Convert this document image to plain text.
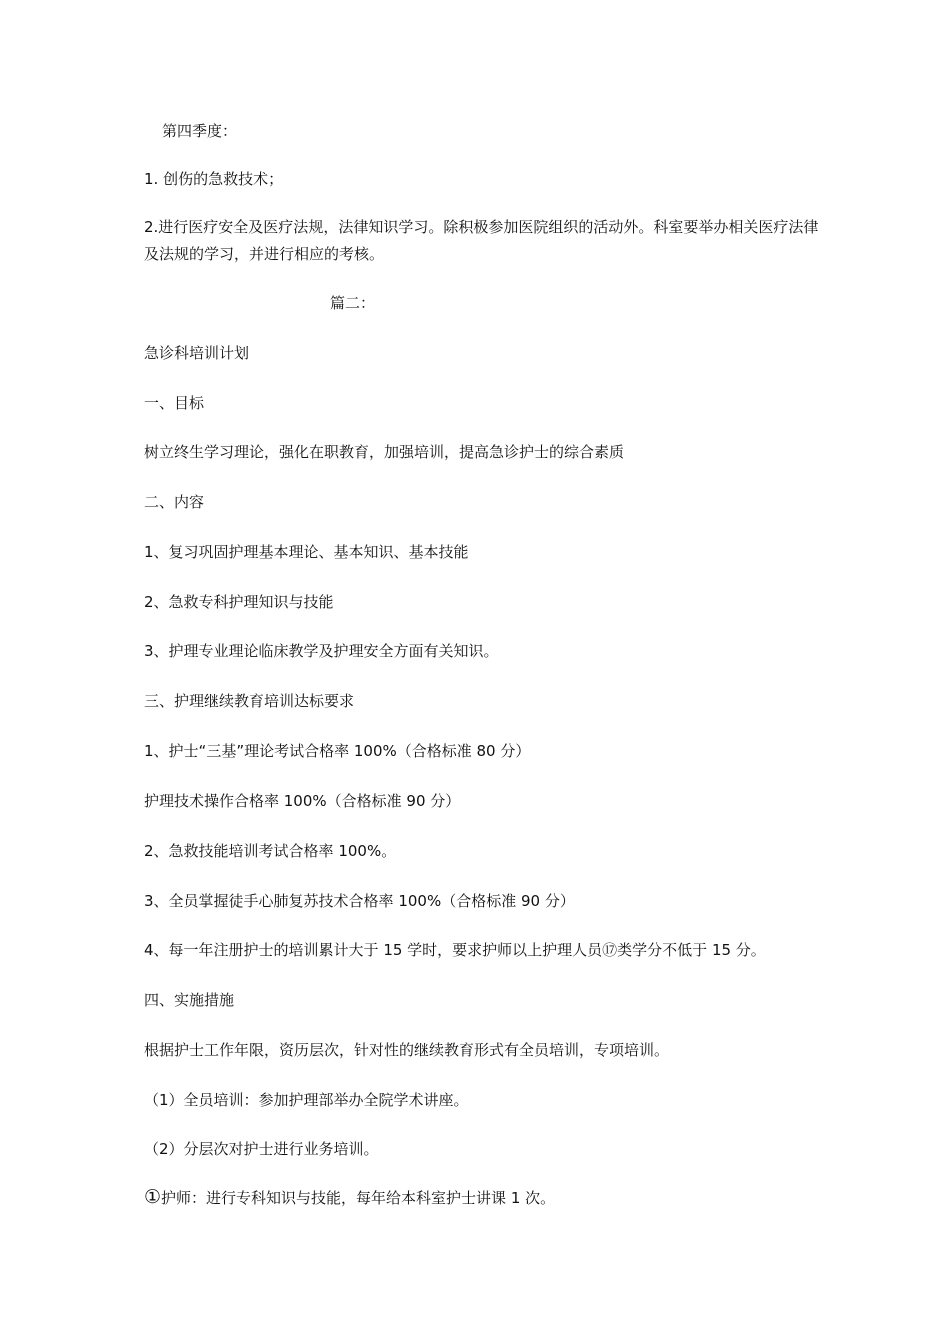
第四季度：
1. 创伤的急救技术；
2.进行医疗安全及医疗法规，法律知识学习。除积极参加医院组织的活动外。科室要举办相关医疗法律及法规的学习，并进行相应的考核。
篇二：
急诊科培训计划
一、目标
树立终生学习理论，强化在职教育，加强培训，提高急诊护士的综合素质
二、内容
1、复习巩固护理基本理论、基本知识、基本技能
2、急救专科护理知识与技能
3、护理专业理论临床教学及护理安全方面有关知识。
三、护理继续教育培训达标要求
1、护士“三基”理论考试合格率 100%（合格标准 80 分）
护理技术操作合格率 100%（合格标准 90 分）
2、急救技能培训考试合格率 100%。
3、全员掌握徒手心肺复苏技术合格率 100%（合格标准 90 分）
4、每一年注册护士的培训累计大于 15 学时，要求护师以上护理人员⑰类学分不低于 15 分。
四、实施措施
根据护士工作年限，资历层次，针对性的继续教育形式有全员培训，专项培训。
（1）全员培训：参加护理部举办全院学术讲座。
（2）分层次对护士进行业务培训。
①护师：进行专科知识与技能，每年给本科室护士讲课 1 次。
